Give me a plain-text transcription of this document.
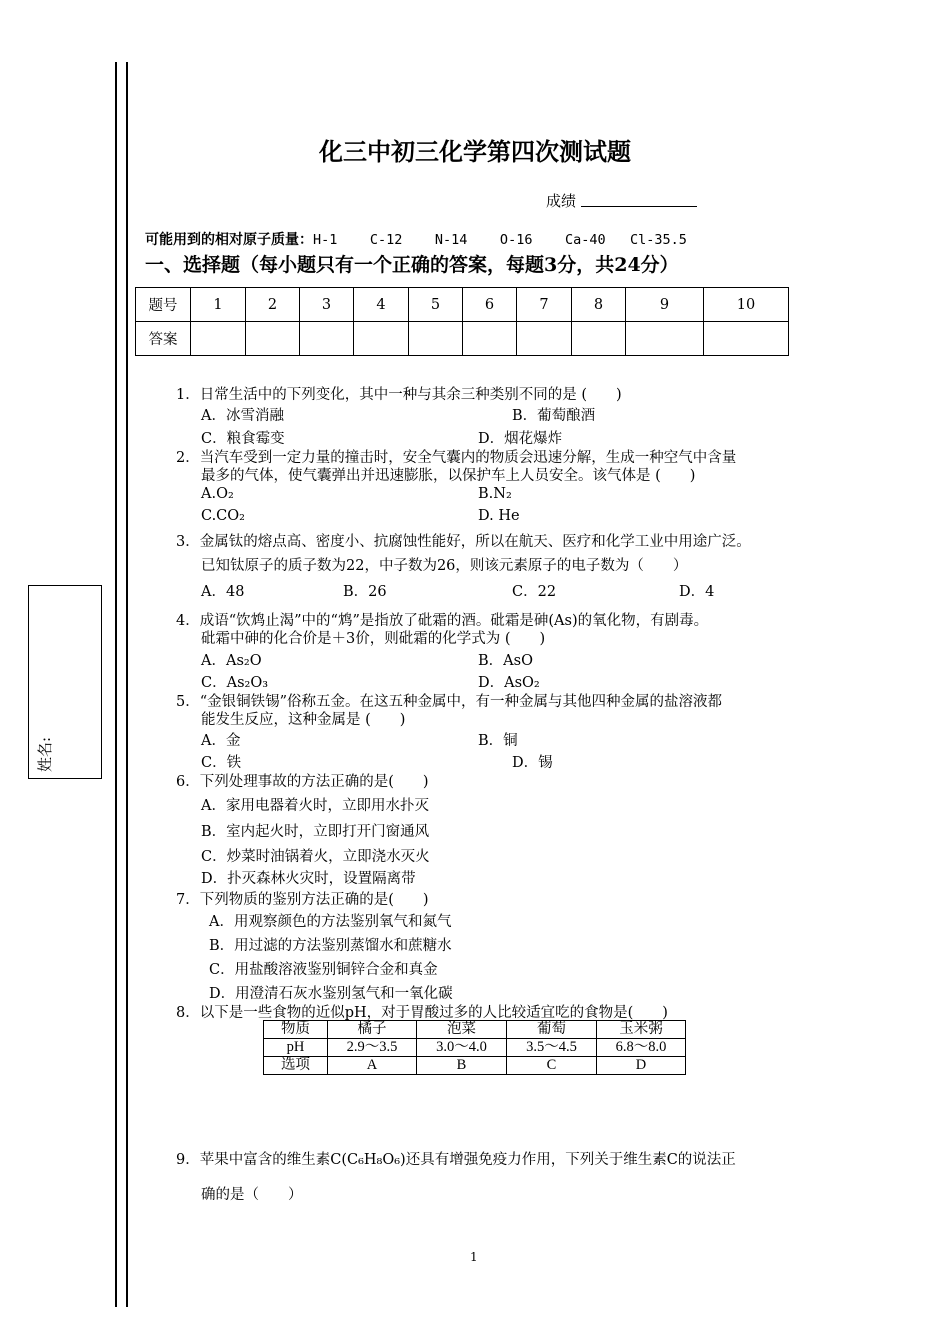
姓名:
化三中初三化学第四次测试题
成绩
可能用到的相对原子质量：H-1    C-12    N-14    O-16    Ca-40   Cl-35.5
一、选择题（每小题只有一个正确的答案，每题3分，共24分）
题号	1	2	3	4	5	6	7	8	9	10
答案										
1．日常生活中的下列变化，其中一种与其余三种类别不同的是 (　　)
A．冰雪消融	B．葡萄酿酒
C．粮食霉变	D．烟花爆炸
2．当汽车受到一定力量的撞击时，安全气囊内的物质会迅速分解，生成一种空气中含量
最多的气体，使气囊弹出并迅速膨胀，以保护车上人员安全。该气体是 (　　)
A.O₂	B.N₂
C.CO₂	D. He
3．金属钛的熔点高、密度小、抗腐蚀性能好，所以在航天、医疗和化学工业中用途广泛。
已知钛原子的质子数为22，中子数为26，则该元素原子的电子数为（　　）
A．48	B．26	C．22	D．4
4．成语“饮鸩止渴”中的“鸩”是指放了砒霜的酒。砒霜是砷(As)的氧化物，有剧毒。
砒霜中砷的化合价是＋3价，则砒霜的化学式为 (　　)
A．As₂O	B．AsO
C．As₂O₃	D．AsO₂
5．“金银铜铁锡”俗称五金。在这五种金属中，有一种金属与其他四种金属的盐溶液都
能发生反应，这种金属是 (　　)
A．金	B．铜
C．铁	D．锡
6．下列处理事故的方法正确的是(　　)
A．家用电器着火时，立即用水扑灭
B．室内起火时，立即打开门窗通风
C．炒菜时油锅着火，立即浇水灭火
D．扑灭森林火灾时，设置隔离带
7．下列物质的鉴别方法正确的是(　　)
A．用观察颜色的方法鉴别氧气和氮气
B．用过滤的方法鉴别蒸馏水和蔗糖水
C．用盐酸溶液鉴别铜锌合金和真金
D．用澄清石灰水鉴别氢气和一氧化碳
8．以下是一些食物的近似pH，对于胃酸过多的人比较适宜吃的食物是(　　)
物质	橘子	泡菜	葡萄	玉米粥
pH	2.9～3.5	3.0～4.0	3.5～4.5	6.8～8.0
选项	A	B	C	D
9．苹果中富含的维生素C(C₆H₈O₆)还具有增强免疫力作用，下列关于维生素C的说法正
确的是（　　）
1
